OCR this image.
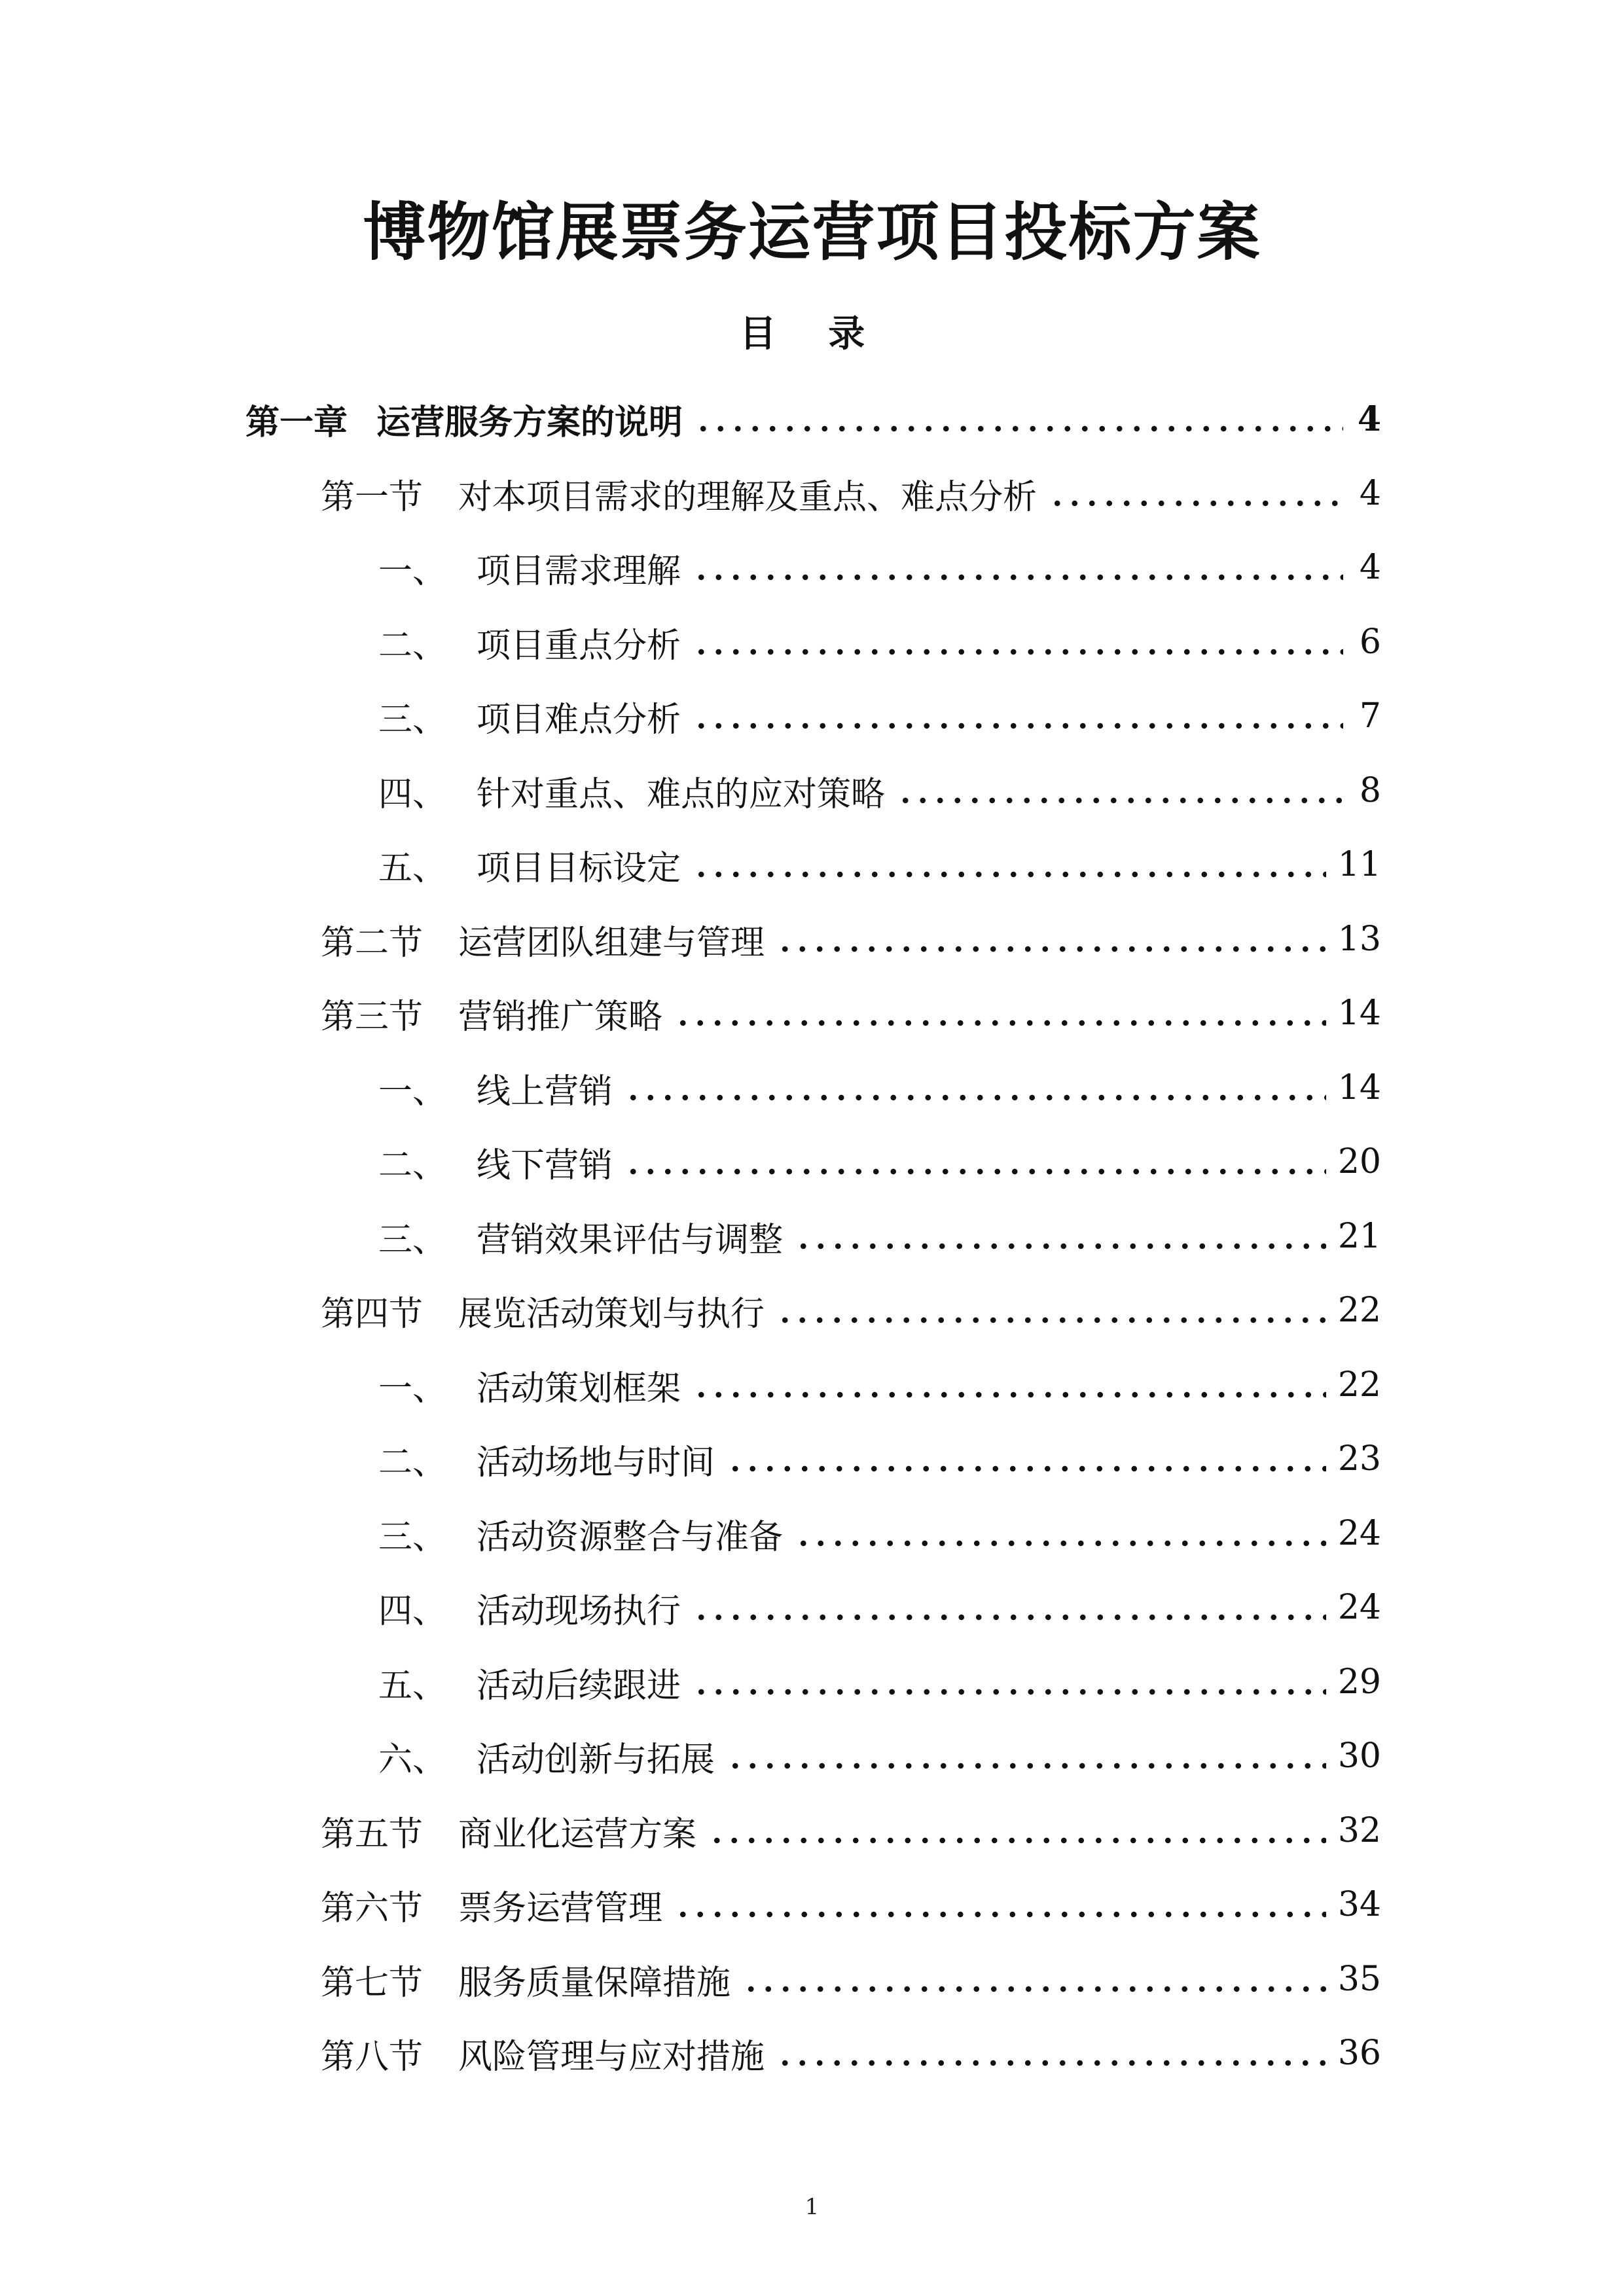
博物馆展票务运营项目投标方案
目 录
第一章 运营服务方案的说明	4
第一节	对本项目需求的理解及重点、难点分析	4
一、 项目需求理解	4
二、 项目重点分析	6
三、 项目难点分析	7
四、 针对重点、难点的应对策略	8
五、 项目目标设定	11
第二节	运营团队组建与管理	13
第三节	营销推广策略	14
一、 线上营销	14
二、 线下营销	20
三、 营销效果评估与调整	21
第四节	展览活动策划与执行	22
一、 活动策划框架	22
二、 活动场地与时间	23
三、 活动资源整合与准备	24
四、 活动现场执行	24
五、 活动后续跟进	29
六、 活动创新与拓展	30
第五节	商业化运营方案	32
第六节	票务运营管理	34
第七节	服务质量保障措施	35
第八节	风险管理与应对措施	36
1
